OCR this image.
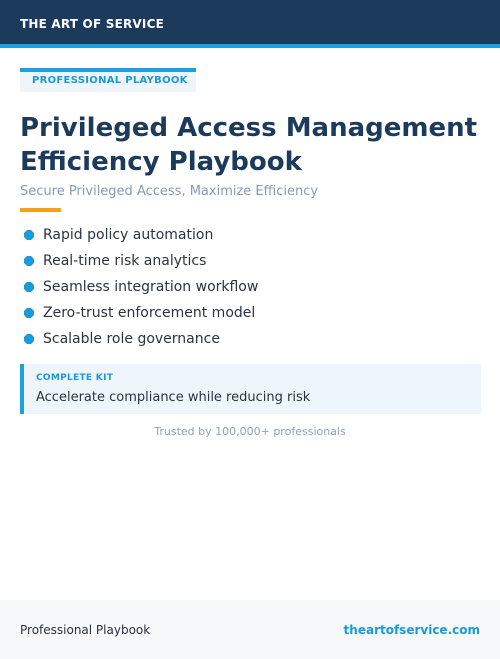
THE ART OF SERVICE
PROFESSIONAL PLAYBOOK
Privileged Access Management Efficiency Playbook
Secure Privileged Access, Maximize Efficiency
Rapid policy automation
Real-time risk analytics
Seamless integration workflow
Zero-trust enforcement model
Scalable role governance
COMPLETE KIT
Accelerate compliance while reducing risk
Trusted by 100,000+ professionals
Professional Playbook	theartofservice.com
